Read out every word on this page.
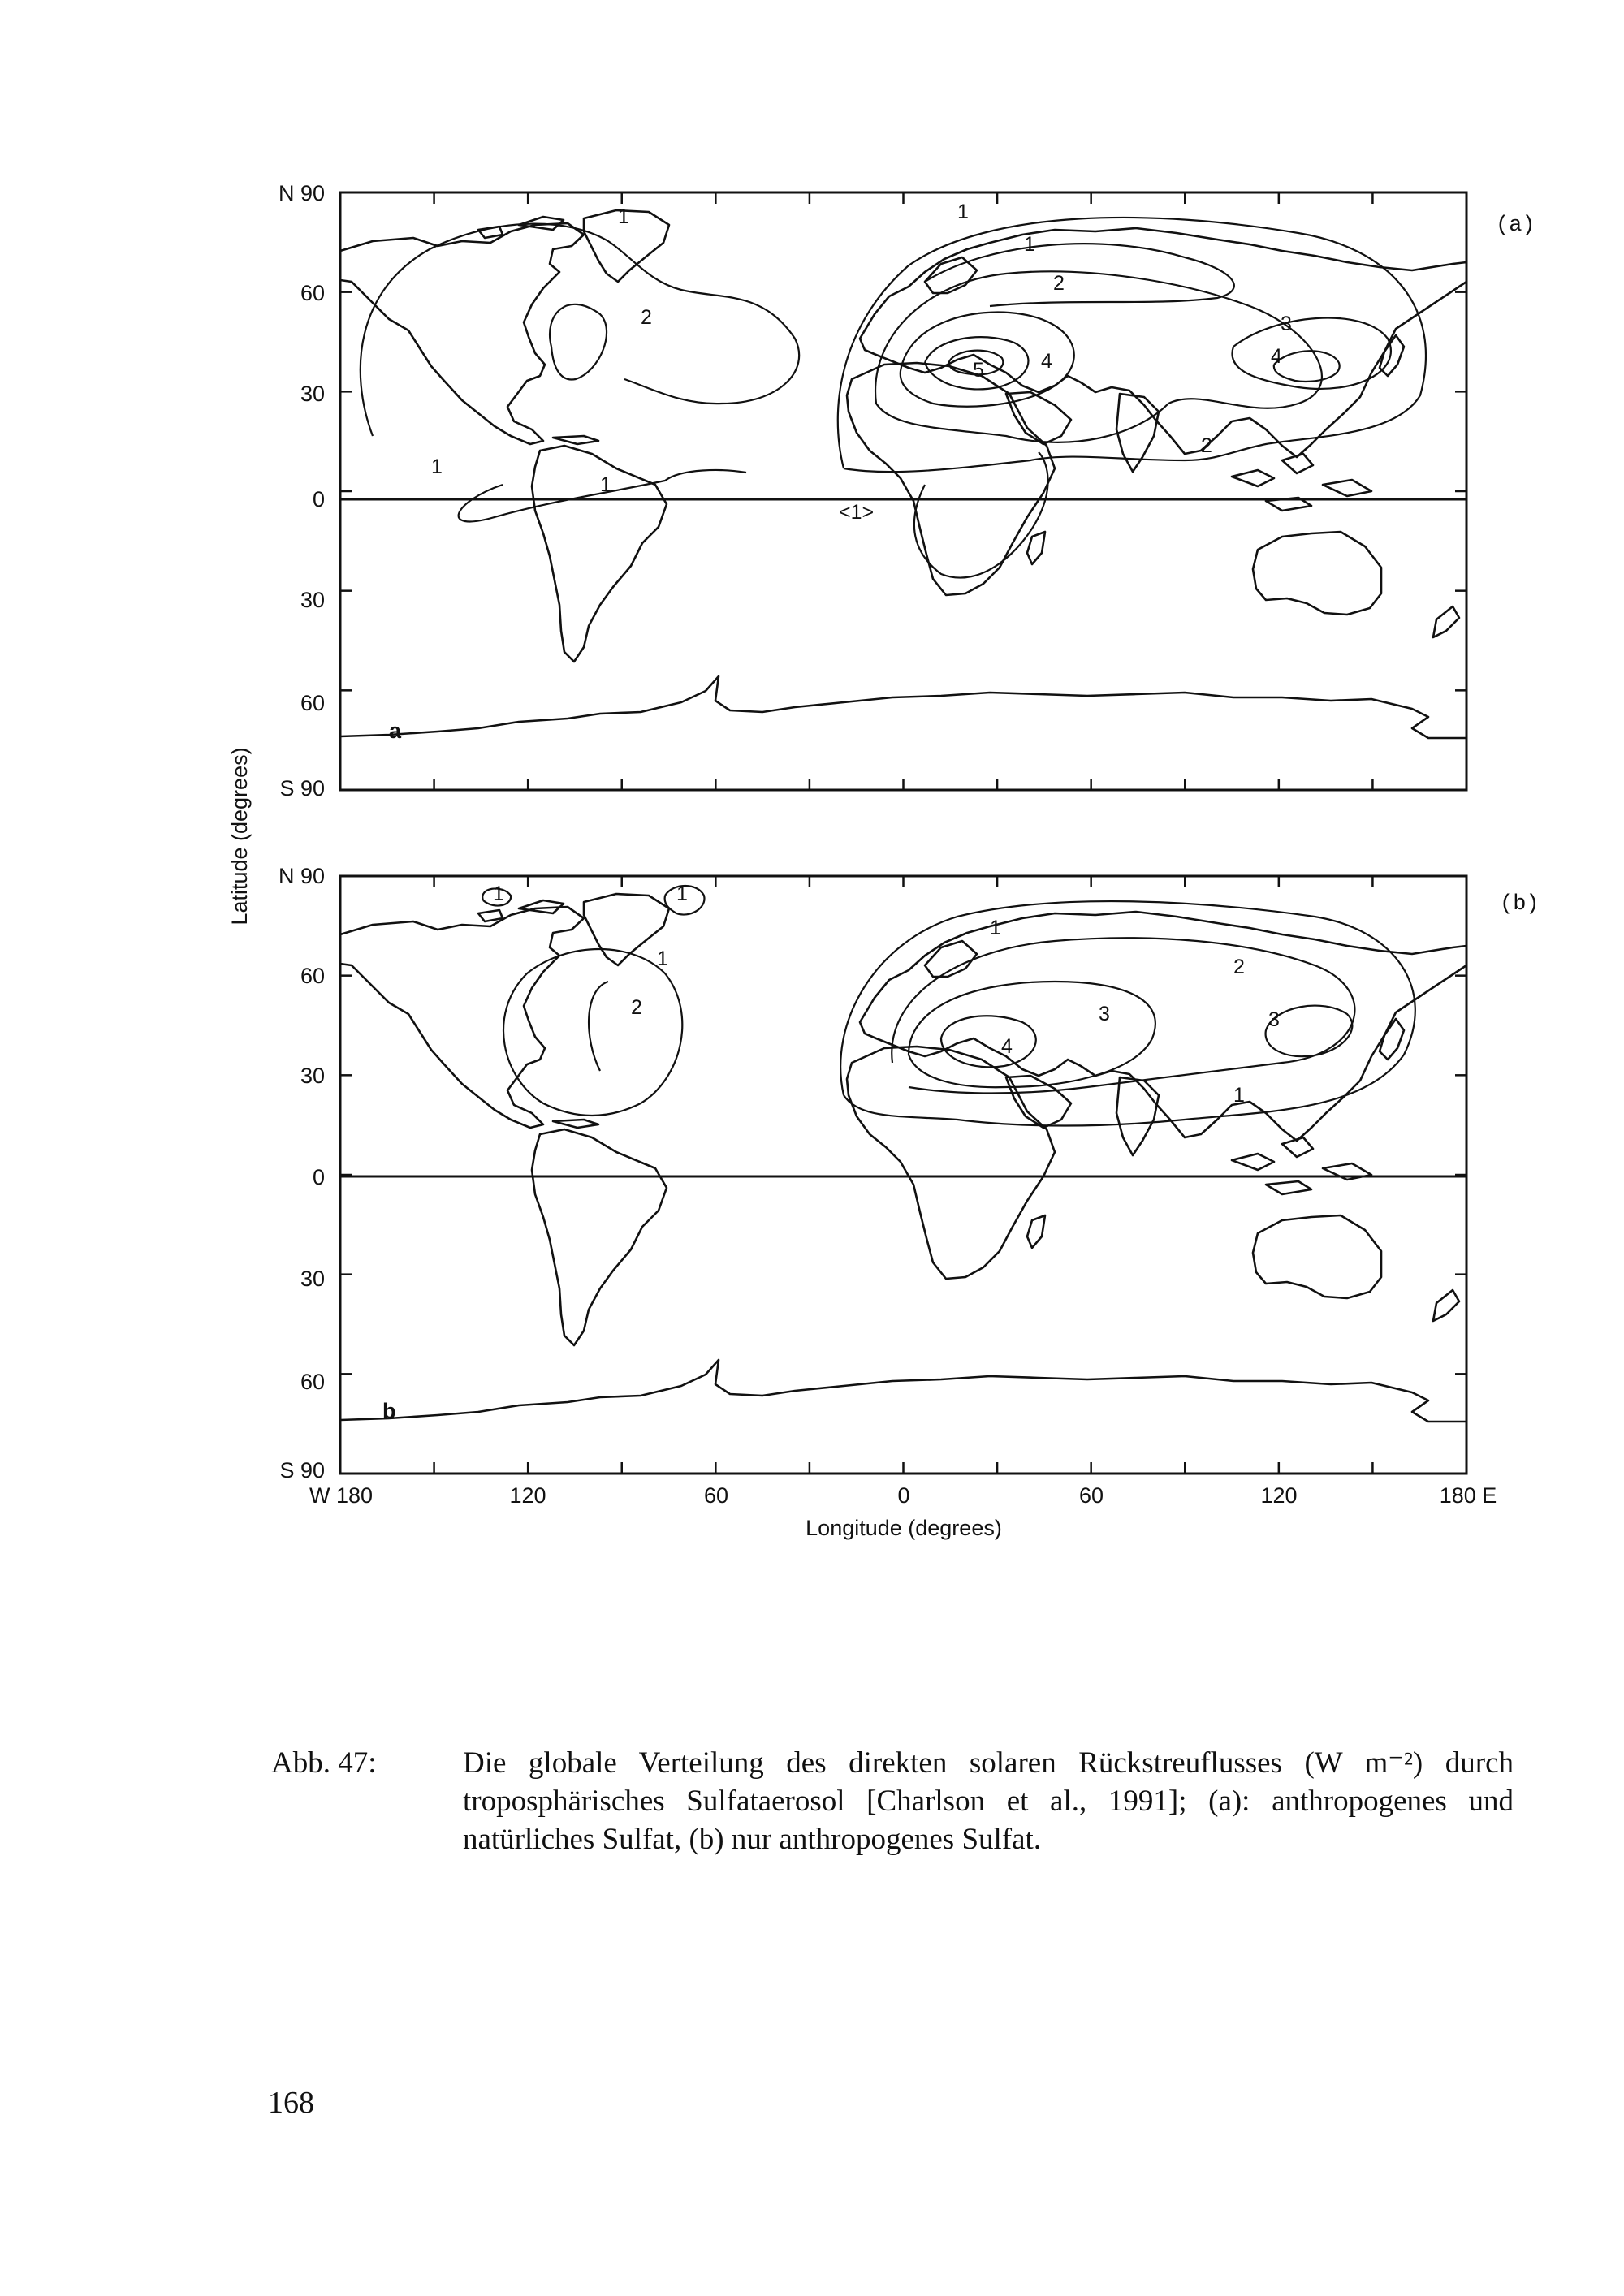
1	1
1
1
2
2
2
3
4	4
5
1
<1>
a
(a)
1	1
1
1
1
2
2
3	3
4
b
(b)
N 90
60
30
0
30
60
S 90
N 90
60
30
0
30
60
S 90
W 180	120	60	0	60	120	180 E
Longitude (degrees)
Latitude (degrees)
Abb. 47:	Die globale Verteilung des direkten solaren Rückstreuflusses (W m⁻²) durch troposphärisches Sulfataerosol [Charlson et al., 1991]; (a): anthropogenes und natürliches Sulfat, (b) nur anthropogenes Sulfat.
168
